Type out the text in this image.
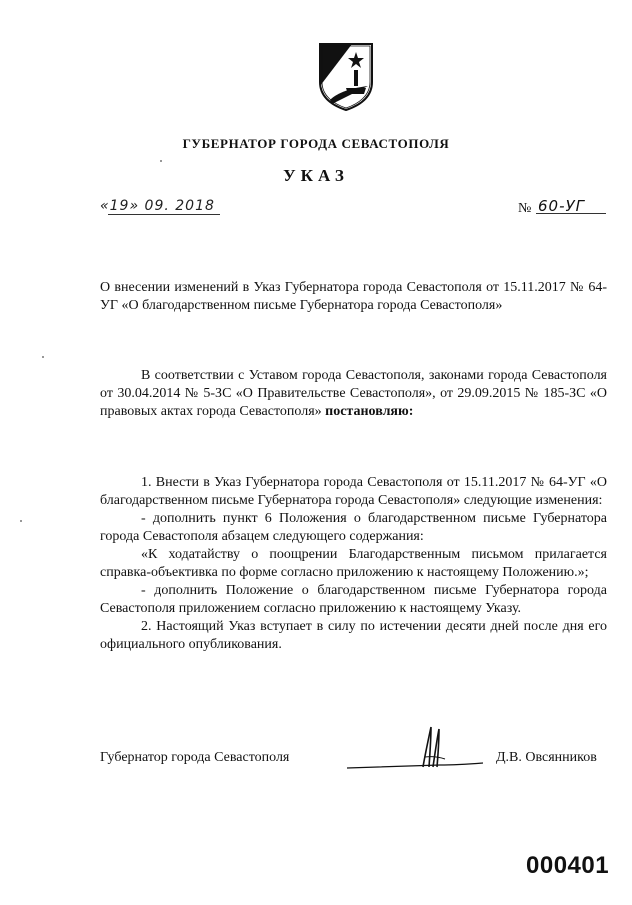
ГУБЕРНАТОР ГОРОДА СЕВАСТОПОЛЯ
УКАЗ
«19» 09. 2018	№ 60-УГ
О внесении изменений в Указ Губернатора города Севастополя от 15.11.2017 № 64-УГ «О благодарственном письме Губернатора города Севастополя»
В соответствии с Уставом города Севастополя, законами города Севастополя от 30.04.2014 № 5-ЗС «О Правительстве Севастополя», от 29.09.2015 № 185-ЗС «О правовых актах города Севастополя» постановляю:

1. Внести в Указ Губернатора города Севастополя от 15.11.2017 № 64-УГ «О благодарственном письме Губернатора города Севастополя» следующие изменения:

- дополнить пункт 6 Положения о благодарственном письме Губернатора города Севастополя абзацем следующего содержания:

«К ходатайству о поощрении Благодарственным письмом прилагается справка-объективка по форме согласно приложению к настоящему Положению.»;

- дополнить Положение о благодарственном письме Губернатора города Севастополя приложением согласно приложению к настоящему Указу.

2. Настоящий Указ вступает в силу по истечении десяти дней после дня его официального опубликования.

Губернатор города Севастополя	Д.В. Овсянников
000401
